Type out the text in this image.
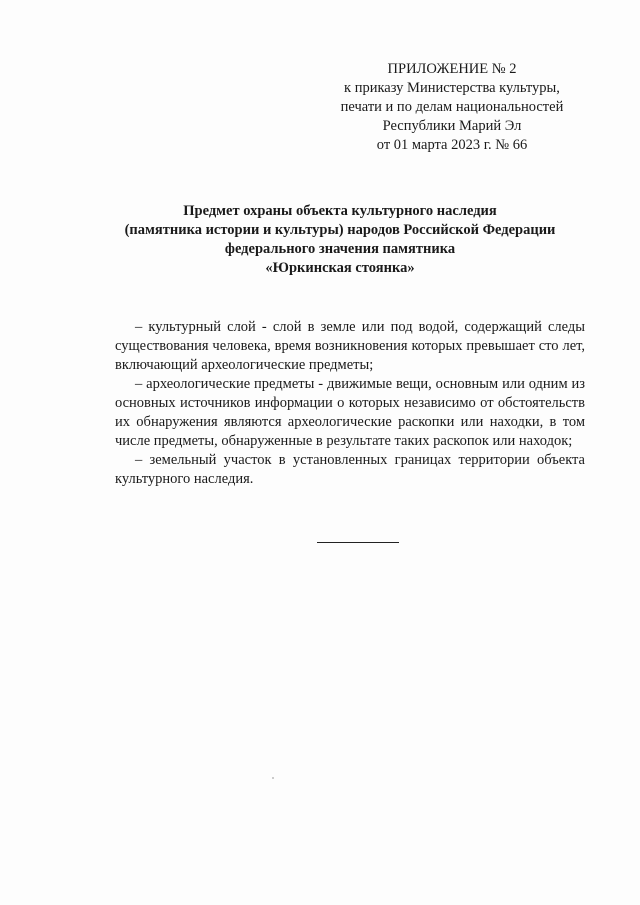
ПРИЛОЖЕНИЕ № 2
к приказу Министерства культуры,
печати и по делам национальностей
Республики Марий Эл
от 01 марта 2023 г. № 66
Предмет охраны объекта культурного наследия
(памятника истории и культуры) народов Российской Федерации
федерального значения памятника
«Юркинская стоянка»

– культурный слой - слой в земле или под водой, содержащий следы существования человека, время возникновения которых превышает сто лет, включающий археологические предметы;

– археологические предметы - движимые вещи, основным или одним из основных источников информации о которых независимо от обстоятельств их обнаружения являются археологические раскопки или находки, в том числе предметы, обнаруженные в результате таких раскопок или находок;

– земельный участок в установленных границах территории объекта культурного наследия.
